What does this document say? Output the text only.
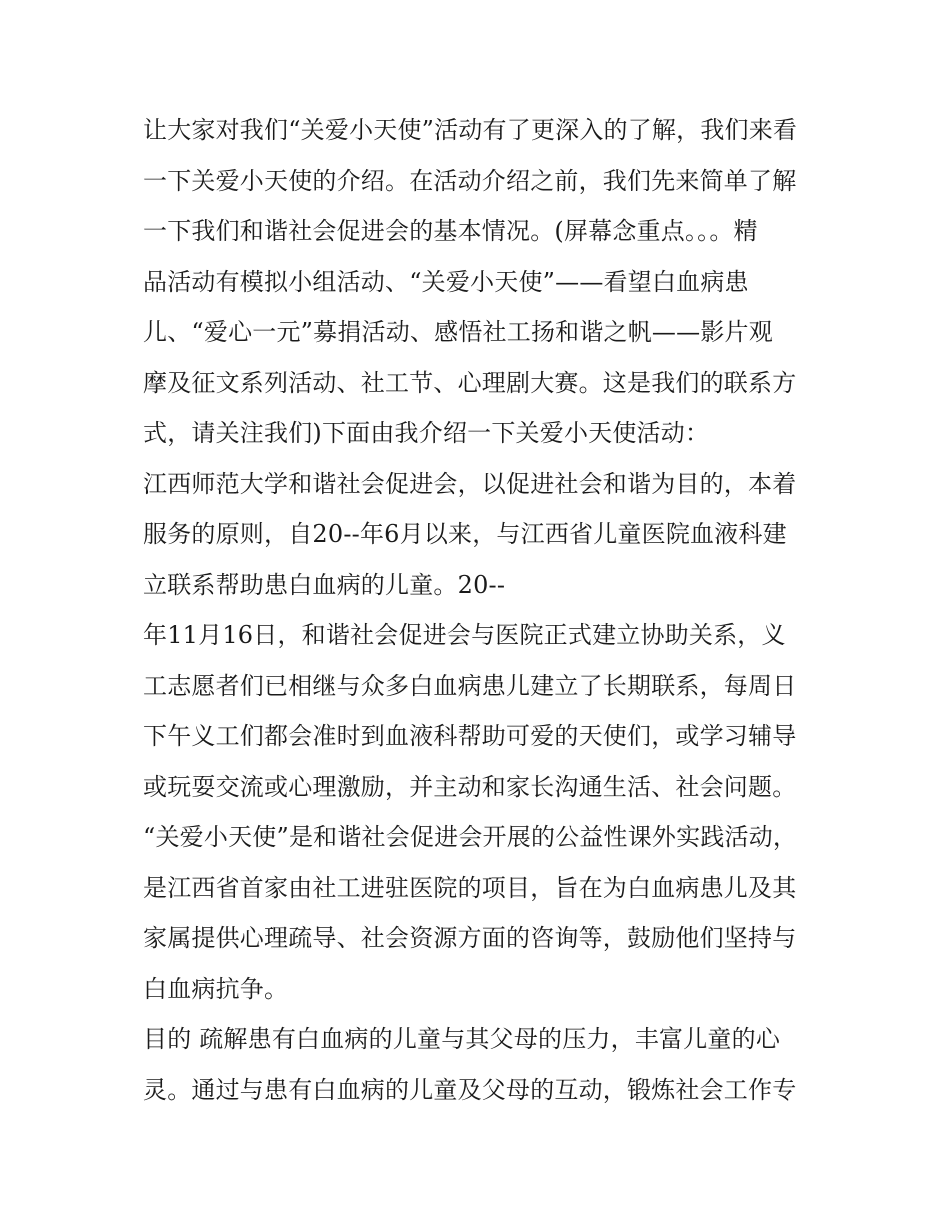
让大家对我们“关爱小天使”活动有了更深入的了解，我们来看
一下关爱小天使的介绍。在活动介绍之前，我们先来简单了解
一下我们和谐社会促进会的基本情况。(屏幕念重点。。。精
品活动有模拟小组活动、“关爱小天使”——看望白血病患
儿、“爱心一元”募捐活动、感悟社工扬和谐之帆——影片观
摩及征文系列活动、社工节、心理剧大赛。这是我们的联系方
式，请关注我们)下面由我介绍一下关爱小天使活动：
江西师范大学和谐社会促进会，以促进社会和谐为目的，本着
服务的原则，自20--年6月以来，与江西省儿童医院血液科建
立联系帮助患白血病的儿童。20--
年11月16日，和谐社会促进会与医院正式建立协助关系，义
工志愿者们已相继与众多白血病患儿建立了长期联系，每周日
下午义工们都会准时到血液科帮助可爱的天使们，或学习辅导
或玩耍交流或心理激励，并主动和家长沟通生活、社会问题。
“关爱小天使”是和谐社会促进会开展的公益性课外实践活动，
是江西省首家由社工进驻医院的项目，旨在为白血病患儿及其
家属提供心理疏导、社会资源方面的咨询等，鼓励他们坚持与
白血病抗争。
目的 疏解患有白血病的儿童与其父母的压力，丰富儿童的心
灵。通过与患有白血病的儿童及父母的互动，锻炼社会工作专
